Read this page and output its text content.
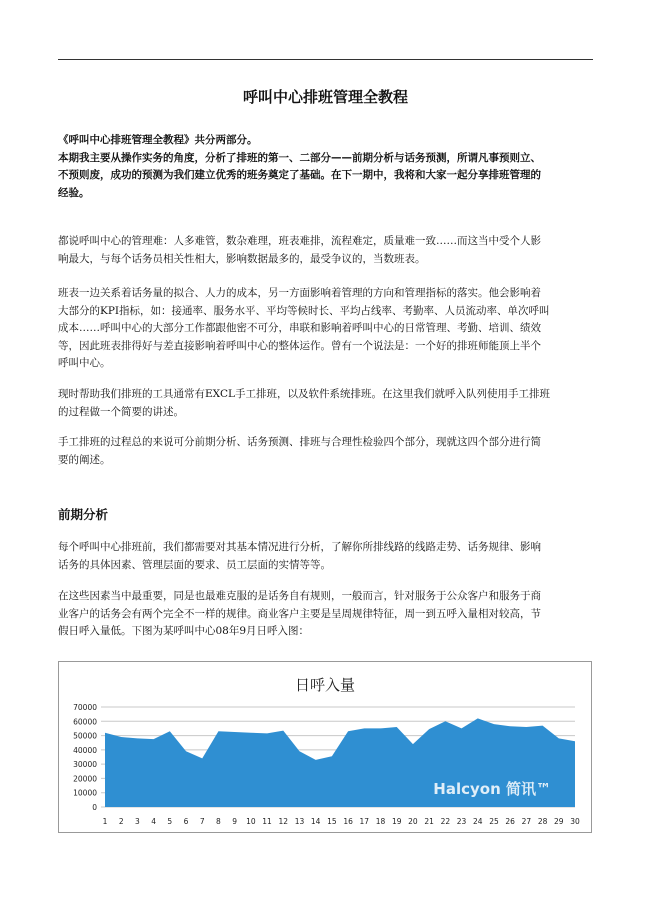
呼叫中心排班管理全教程

《呼叫中心排班管理全教程》共分两部分。

本期我主要从操作实务的角度，分析了排班的第一、二部分——前期分析与话务预测，所谓凡事预则立、

不预则废，成功的预测为我们建立优秀的班务奠定了基础。在下一期中，我将和大家一起分享排班管理的

经验。

都说呼叫中心的管理难：人多难管，数杂难理，班表难排，流程难定，质量难一致……而这当中受个人影

响最大，与每个话务员相关性相大，影响数据最多的，最受争议的，当数班表。

班表一边关系着话务量的拟合、人力的成本，另一方面影响着管理的方向和管理指标的落实。他会影响着

大部分的KPI指标，如：接通率、服务水平、平均等候时长、平均占线率、考勤率、人员流动率、单次呼叫

成本……呼叫中心的大部分工作都跟他密不可分，串联和影响着呼叫中心的日常管理、考勤、培训、绩效

等，因此班表排得好与差直接影响着呼叫中心的整体运作。曾有一个说法是：一个好的排班师能顶上半个

呼叫中心。

现时帮助我们排班的工具通常有EXCL手工排班，以及软件系统排班。在这里我们就呼入队列使用手工排班

的过程做一个简要的讲述。

手工排班的过程总的来说可分前期分析、话务预测、排班与合理性检验四个部分，现就这四个部分进行简

要的阐述。

前期分析

每个呼叫中心排班前，我们都需要对其基本情况进行分析，了解你所排线路的线路走势、话务规律、影响

话务的具体因素、管理层面的要求、员工层面的实情等等。

在这些因素当中最重要，同是也最难克服的是话务自有规则，一般而言，针对服务于公众客户和服务于商

业客户的话务会有两个完全不一样的规律。商业客户主要是呈周规律特征，周一到五呼入量相对较高，节

假日呼入量低。下图为某呼叫中心08年9月日呼入图：

日呼入量
0
10000
20000
30000
40000
50000
60000
70000
1 2 3 4 5 6 7 8 9 10 11 12 13 14 15 16 17 18 19 20 21 22 23 24 25 26 27 28 29 30
Halcyon 简讯™
